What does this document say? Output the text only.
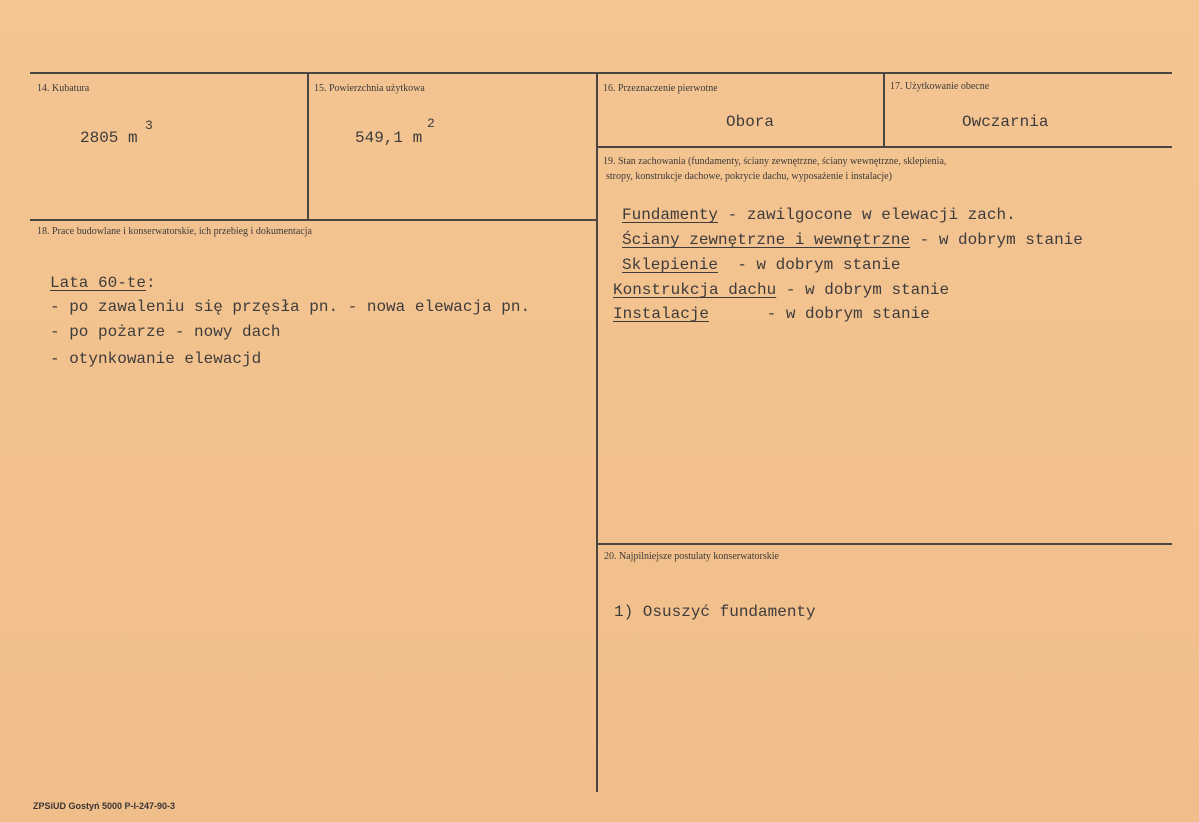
14. Kubatura
2805 m
3
15. Powierzchnia użytkowa
549,1 m
2
16. Przeznaczenie pierwotne
Obora
17. Użytkowanie obecne
Owczarnia
18. Prace budowlane i konserwatorskie, ich przebieg i dokumentacja
Lata 60-te:
- po zawaleniu się przęsła pn. - nowa elewacja pn.
- po pożarze - nowy dach
- otynkowanie elewacjd
19. Stan zachowania (fundamenty, ściany zewnętrzne, ściany wewnętrzne, sklepienia,
stropy, konstrukcje dachowe, pokrycie dachu, wyposażenie i instalacje)
Fundamenty - zawilgocone w elewacji zach.
Ściany zewnętrzne i wewnętrzne - w dobrym stanie
Sklepienie  - w dobrym stanie
Konstrukcja dachu - w dobrym stanie
Instalacje      - w dobrym stanie
20. Najpilniejsze postulaty konserwatorskie
1) Osuszyć fundamenty
ZPSiUD Gostyń 5000 P-I-247-90-3
